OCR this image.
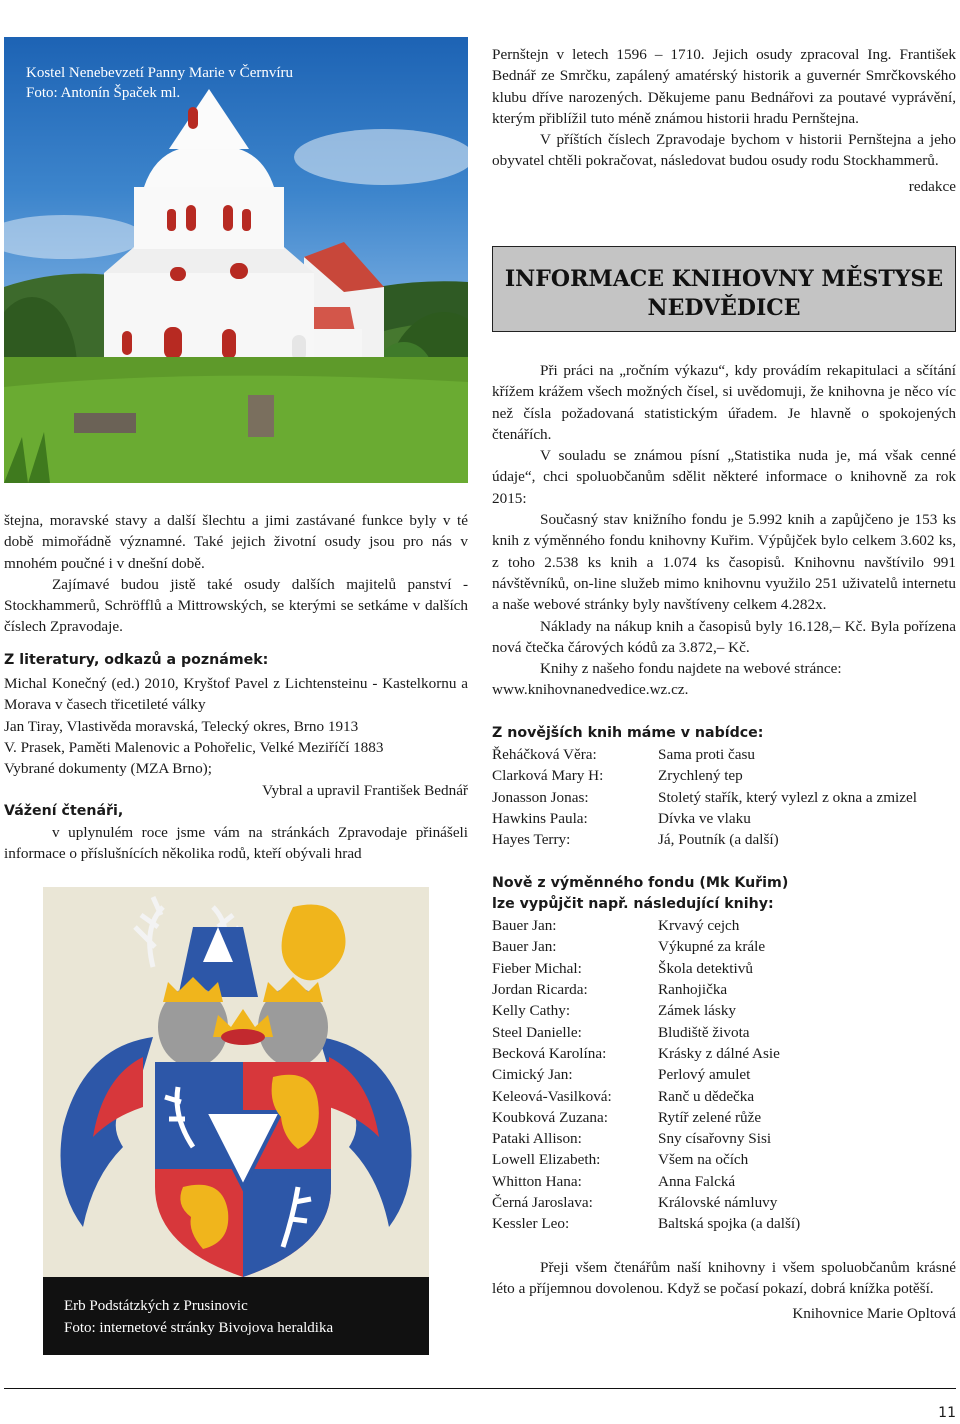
Kostel Nenebevzetí Panny Marie v Černvíru
Foto: Antonín Špaček ml.

štejna, moravské stavy a další šlechtu a jimi zastávané funkce byly v té době mimořádně významné. Také jejich životní osudy jsou pro nás v mnohém poučné i v dnešní době.

Zajímavé budou jistě také osudy dalších majitelů panství - Stockhammerů, Schröfflů a Mittrowských, se kterými se setkáme v dalších číslech Zpravodaje.

Z literatury, odkazů a poznámek:

Michal Konečný (ed.) 2010, Kryštof Pavel z Lichtensteinu - Kastelkornu a Morava v časech třicetileté války

Jan Tiray, Vlastivěda moravská, Telecký okres, Brno 1913

V. Prasek, Paměti Malenovic a Pohořelic, Velké Meziříčí 1883

Vybrané dokumenty (MZA Brno);

Vybral a upravil František Bednář

Vážení čtenáři,

v uplynulém roce jsme vám na stránkách Zpravodaje přinášeli informace o příslušnících několika rodů, kteří obývali hrad

Erb Podstátzkých z Prusinovic

Foto: internetové stránky Bivojova heraldika

Pernštejn v letech 1596 – 1710. Jejich osudy zpracoval Ing. František Bednář ze Smrčku, zapálený amatérský historik a guvernér Smrčkovského klubu dříve narozených. Děkujeme panu Bednářovi za poutavé vyprávění, kterým přiblížil tuto méně známou historii hradu Pernštejna.

V příštích číslech Zpravodaje bychom v historii Pernštejna a jeho obyvatel chtěli pokračovat, následovat budou osudy rodu Stockhammerů.

redakce

INFORMACE KNIHOVNY MĚSTYSE
NEDVĚDICE

Při práci na „ročním výkazu“, kdy provádím rekapitulaci a sčítání křížem krážem všech možných čísel, si uvědomuji, že knihovna je něco víc než čísla požadovaná statistickým úřadem. Je hlavně o spokojených čtenářích.

V souladu se známou písní „Statistika nuda je, má však cenné údaje“, chci spoluobčanům sdělit některé informace o knihovně za rok 2015:

Současný stav knižního fondu je 5.992 knih a zapůjčeno je 153 ks knih z výměnného fondu knihovny Kuřim. Výpůjček bylo celkem 3.602 ks, z toho 2.538 ks knih a 1.074 ks časopisů. Knihovnu navštívilo 991 návštěvníků, on-line služeb mimo knihovnu využilo 251 uživatelů internetu a naše webové stránky byly navštíveny celkem 4.282x.

Náklady na nákup knih a časopisů byly 16.128,– Kč. Byla pořízena nová čtečka čárových kódů za 3.872,– Kč.

Knihy z našeho fondu najdete na webové stránce: www.knihovnanedvedice.wz.cz.

Z novějších knih máme v nabídce:

Řeháčková Věra:	Sama proti času
Clarková Mary H:	Zrychlený tep
Jonasson Jonas:	Stoletý stařík, který vylezl z okna a zmizel
Hawkins Paula:	Dívka ve vlaku
Hayes Terry:	Já, Poutník (a další)

Nově z výměnného fondu (Mk Kuřim)

lze vypůjčit např. následující knihy:

Bauer Jan:	Krvavý cejch
Bauer Jan:	Výkupné za krále
Fieber Michal:	Škola detektivů
Jordan Ricarda:	Ranhojička
Kelly Cathy:	Zámek lásky
Steel Danielle:	Bludiště života
Becková Karolína:	Krásky z dálné Asie
Cimický Jan:	Perlový amulet
Keleová-Vasilková:	Ranč u dědečka
Koubková Zuzana:	Rytíř zelené růže
Pataki Allison:	Sny císařovny Sisi
Lowell Elizabeth:	Všem na očích
Whitton Hana:	Anna Falcká
Černá Jaroslava:	Královské námluvy
Kessler Leo:	Baltská spojka (a další)

Přeji všem čtenářům naší knihovny i všem spoluobčanům krásné léto a příjemnou dovolenou. Když se počasí pokazí, dobrá knížka potěší.

Knihovnice Marie Opltová

11
